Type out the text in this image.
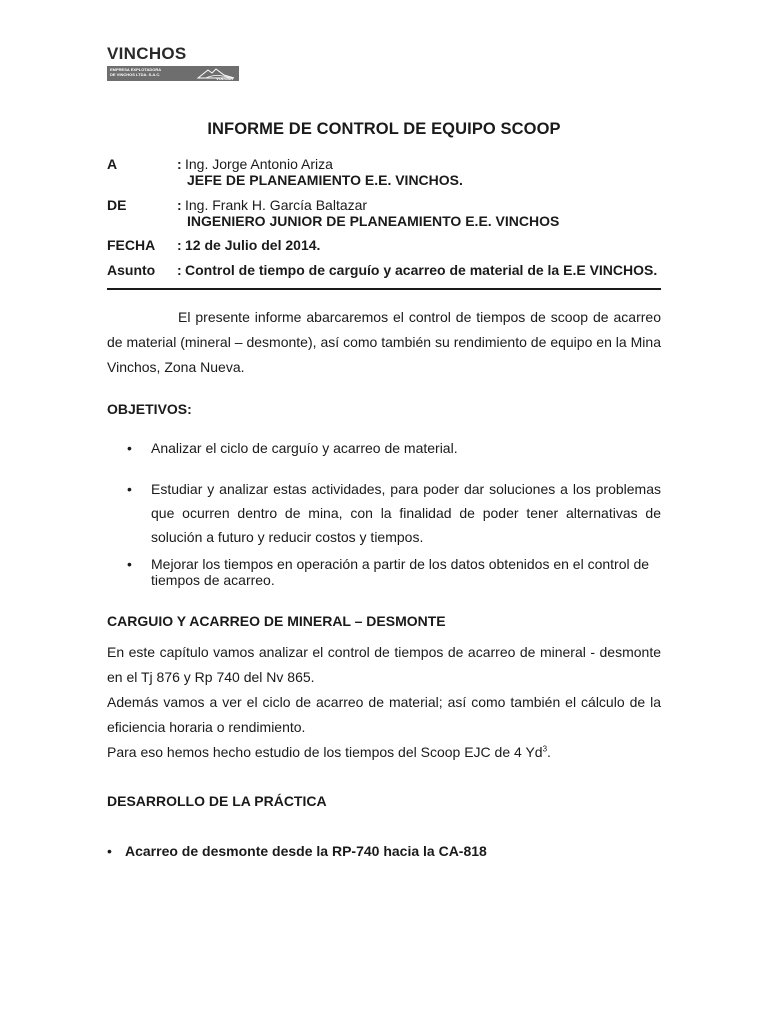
VINCHOS
EMPRESA EXPLOTADORA
DE VINCHOS LTDA. S.A.C.
VOLCAN
INFORME DE CONTROL DE EQUIPO SCOOP
A	: Ing. Jorge Antonio Ariza
JEFE DE PLANEAMIENTO E.E. VINCHOS.
DE	: Ing. Frank H. García Baltazar
INGENIERO JUNIOR DE PLANEAMIENTO E.E. VINCHOS
FECHA : 12 de Julio del 2014.
Asunto : Control de tiempo de carguío y acarreo de material de la E.E VINCHOS.
El presente informe abarcaremos el control de tiempos de scoop de acarreo
de material (mineral – desmonte), así como también su rendimiento de equipo en la Mina
Vinchos, Zona Nueva.
OBJETIVOS:
• Analizar el ciclo de carguío y acarreo de material.
• Estudiar y analizar estas actividades, para poder dar soluciones a los problemas
que ocurren dentro de mina, con la finalidad de poder tener alternativas de
solución a futuro y reducir costos y tiempos.
• Mejorar los tiempos en operación a partir de los datos obtenidos en el control de
tiempos de acarreo.
CARGUIO Y ACARREO DE MINERAL – DESMONTE
En este capítulo vamos analizar el control de tiempos de acarreo de mineral - desmonte
en el Tj 876 y Rp 740 del Nv 865.
Además vamos a ver el ciclo de acarreo de material; así como también el cálculo de la
eficiencia horaria o rendimiento.
Para eso hemos hecho estudio de los tiempos del Scoop EJC de 4 Yd$^3$.
DESARROLLO DE LA PRÁCTICA
• Acarreo de desmonte desde la RP-740 hacia la CA-818
